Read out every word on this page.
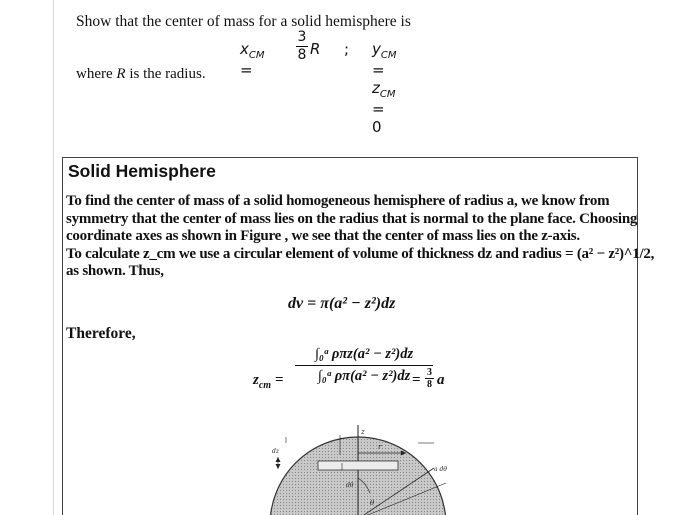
Show that the center of mass for a solid hemisphere is
$x_{CM}$ =
3
8 R ; $y_{CM} = z_{CM} = 0$
where R is the radius.
Solid Hemisphere
To find the center of mass of a solid homogeneous hemisphere of radius a, we know from
symmetry that the center of mass lies on the radius that is normal to the plane face. Choosing
coordinate axes as shown in Figure , we see that the center of mass lies on the z-axis.
To calculate z_cm we use a circular element of volume of thickness dz and radius = (a² − z²)^1/2,
as shown. Thus,
dv = π(a² − z²)dz
Therefore,
$z_{cm}$ =
∫₀ᵃ ρπz(a² − z²)dz
∫₀ᵃ ρπ(a² − z²)dz = 3
8 a
z
r
dz
a dθ
dθ
θ
